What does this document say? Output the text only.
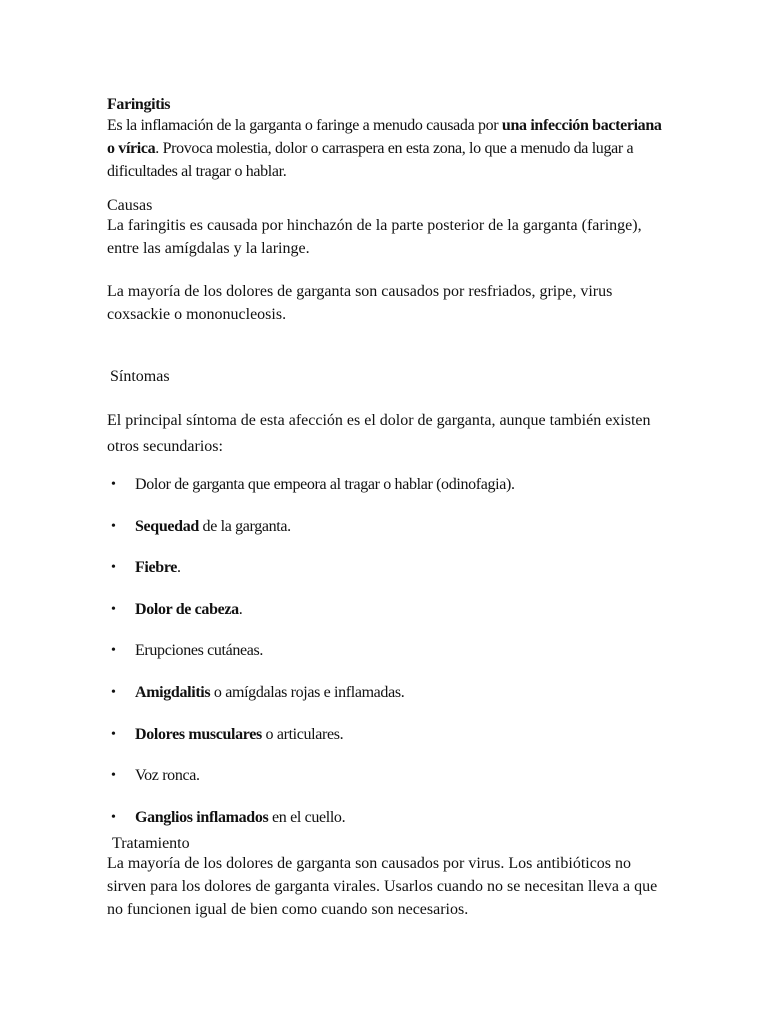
Faringitis
Es la inflamación de la garganta o faringe a menudo causada por una infección bacteriana o vírica. Provoca molestia, dolor o carraspera en esta zona, lo que a menudo da lugar a dificultades al tragar o hablar.
Causas
La faringitis es causada por hinchazón de la parte posterior de la garganta (faringe), entre las amígdalas y la laringe.
La mayoría de los dolores de garganta son causados por resfriados, gripe, virus coxsackie o mononucleosis.
Síntomas
El principal síntoma de esta afección es el dolor de garganta, aunque también existen otros secundarios:
• Dolor de garganta que empeora al tragar o hablar (odinofagia).
• Sequedad de la garganta.
• Fiebre.
• Dolor de cabeza.
• Erupciones cutáneas.
• Amigdalitis o amígdalas rojas e inflamadas.
• Dolores musculares o articulares.
• Voz ronca.
• Ganglios inflamados en el cuello.
Tratamiento
La mayoría de los dolores de garganta son causados por virus. Los antibióticos no sirven para los dolores de garganta virales. Usarlos cuando no se necesitan lleva a que no funcionen igual de bien como cuando son necesarios.
